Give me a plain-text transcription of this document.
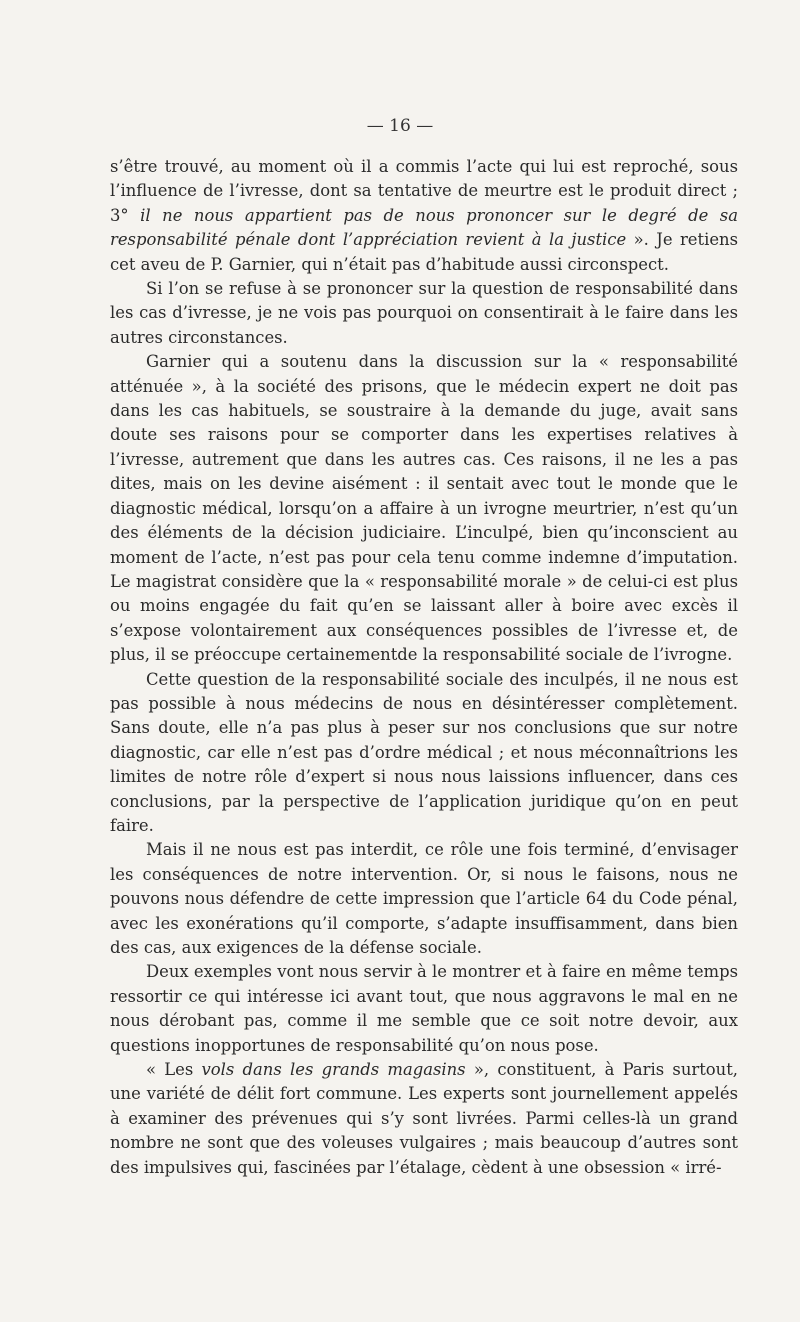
— 16 —

s’être trouvé, au moment où il a commis l’acte qui lui est reproché, sous l’influence de l’ivresse, dont sa tentative de meurtre est le produit direct ; 3° il ne nous appartient pas de nous prononcer sur le degré de sa responsabilité pénale dont l’appréciation revient à la justice ». Je retiens cet aveu de P. Garnier, qui n’était pas d’habitude aussi circonspect.

Si l’on se refuse à se prononcer sur la question de responsabilité dans les cas d’ivresse, je ne vois pas pourquoi on consentirait à le faire dans les autres circonstances.

Garnier qui a soutenu dans la discussion sur la « responsabilité atténuée », à la société des prisons, que le médecin expert ne doit pas dans les cas habituels, se soustraire à la demande du juge, avait sans doute ses raisons pour se comporter dans les expertises relatives à l’ivresse, autrement que dans les autres cas. Ces raisons, il ne les a pas dites, mais on les devine aisément : il sentait avec tout le monde que le diagnostic médical, lorsqu’on a affaire à un ivrogne meurtrier, n’est qu’un des éléments de la décision judiciaire. L’inculpé, bien qu’inconscient au moment de l’acte, n’est pas pour cela tenu comme indemne d’imputation. Le magistrat considère que la « responsabilité morale » de celui-ci est plus ou moins engagée du fait qu’en se laissant aller à boire avec excès il s’expose volontairement aux conséquences possibles de l’ivresse et, de plus, il se préoccupe certainementde la responsabilité sociale de l’ivrogne.

Cette question de la responsabilité sociale des inculpés, il ne nous est pas possible à nous médecins de nous en désintéresser complètement. Sans doute, elle n’a pas plus à peser sur nos conclusions que sur notre diagnostic, car elle n’est pas d’ordre médical ; et nous méconnaîtrions les limites de notre rôle d’expert si nous nous laissions influencer, dans ces conclusions, par la perspective de l’application juridique qu’on en peut faire.

Mais il ne nous est pas interdit, ce rôle une fois terminé, d’envisager les conséquences de notre intervention. Or, si nous le faisons, nous ne pouvons nous défendre de cette impression que l’article 64 du Code pénal, avec les exonérations qu’il comporte, s’adapte insuffisamment, dans bien des cas, aux exigences de la défense sociale.

Deux exemples vont nous servir à le montrer et à faire en même temps ressortir ce qui intéresse ici avant tout, que nous aggravons le mal en ne nous dérobant pas, comme il me semble que ce soit notre devoir, aux questions inopportunes de responsabilité qu’on nous pose.

« Les vols dans les grands magasins », constituent, à Paris surtout, une variété de délit fort commune. Les experts sont journellement appelés à examiner des prévenues qui s’y sont livrées. Parmi celles-là un grand nombre ne sont que des voleuses vulgaires ; mais beaucoup d’autres sont des impulsives qui, fascinées par l’étalage, cèdent à une obsession « irré-
